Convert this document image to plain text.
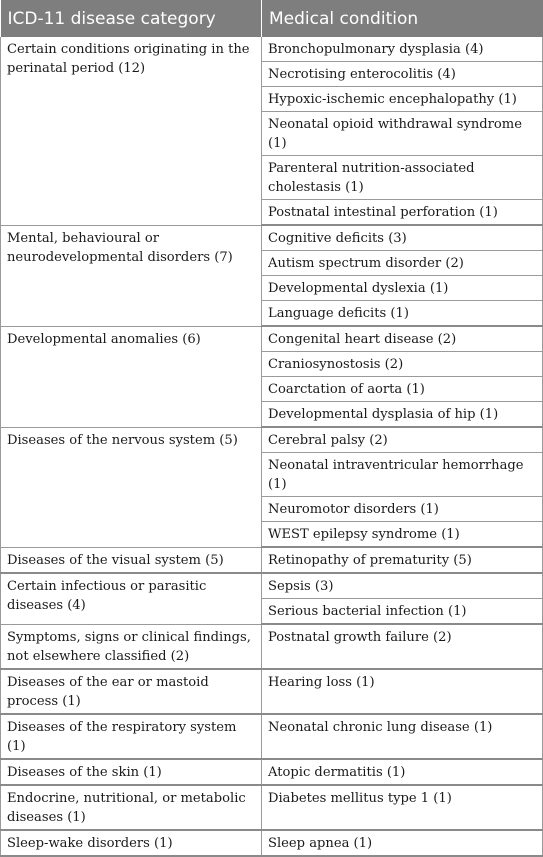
ICD-11 disease category	Medical condition
Certain conditions originating in the perinatal period (12)	Bronchopulmonary dysplasia (4)
	Necrotising enterocolitis (4)
	Hypoxic-ischemic encephalopathy (1)
	Neonatal opioid withdrawal syndrome (1)
	Parenteral nutrition-associated cholestasis (1)
	Postnatal intestinal perforation (1)
Mental, behavioural or neurodevelopmental disorders (7)	Cognitive deficits (3)
	Autism spectrum disorder (2)
	Developmental dyslexia (1)
	Language deficits (1)
Developmental anomalies (6)	Congenital heart disease (2)
	Craniosynostosis (2)
	Coarctation of aorta (1)
	Developmental dysplasia of hip (1)
Diseases of the nervous system (5)	Cerebral palsy (2)
	Neonatal intraventricular hemorrhage (1)
	Neuromotor disorders (1)
	WEST epilepsy syndrome (1)
Diseases of the visual system (5)	Retinopathy of prematurity (5)
Certain infectious or parasitic diseases (4)	Sepsis (3)
	Serious bacterial infection (1)
Symptoms, signs or clinical findings, not elsewhere classified (2)	Postnatal growth failure (2)
Diseases of the ear or mastoid process (1)	Hearing loss (1)
Diseases of the respiratory system (1)	Neonatal chronic lung disease (1)
Diseases of the skin (1)	Atopic dermatitis (1)
Endocrine, nutritional, or metabolic diseases (1)	Diabetes mellitus type 1 (1)
Sleep-wake disorders (1)	Sleep apnea (1)
